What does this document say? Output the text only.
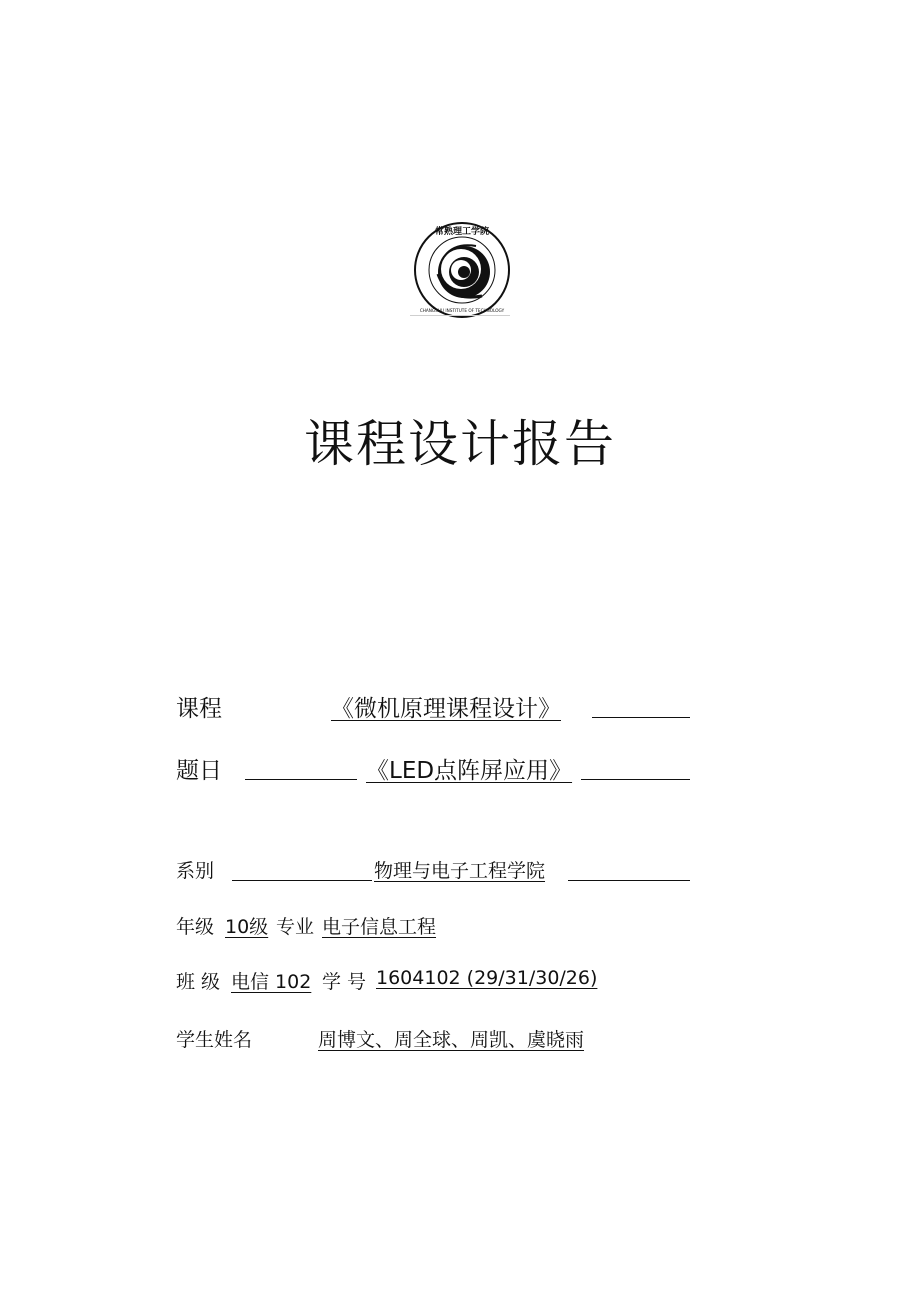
常熟理工学院
CHANGSHU INSTITUTE OF TECHNOLOGY
课程设计报告
课程	《微机原理课程设计》
题日	《LED点阵屏应用》
系别	物理与电子工程学院
年级 10级 专业 电子信息工程
班 级 电信 102 学 号 1604102 (29/31/30/26)
学生姓名	周博文、周全球、周凯、虞晓雨
